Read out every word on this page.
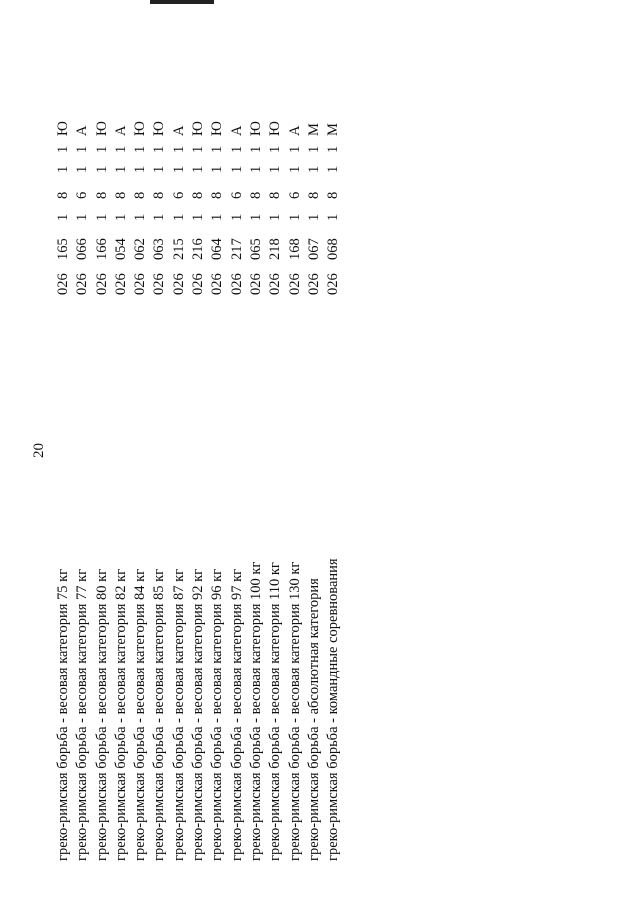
20
греко-римская борьба - весовая категория 75 кг
026
165
1
8
1
1
Ю
греко-римская борьба - весовая категория 77 кг
026
066
1
6
1
1
А
греко-римская борьба - весовая категория 80 кг
026
166
1
8
1
1
Ю
греко-римская борьба - весовая категория 82 кг
026
054
1
8
1
1
А
греко-римская борьба - весовая категория 84 кг
026
062
1
8
1
1
Ю
греко-римская борьба - весовая категория 85 кг
026
063
1
8
1
1
Ю
греко-римская борьба - весовая категория 87 кг
026
215
1
6
1
1
А
греко-римская борьба - весовая категория 92 кг
026
216
1
8
1
1
Ю
греко-римская борьба - весовая категория 96 кг
026
064
1
8
1
1
Ю
греко-римская борьба - весовая категория 97 кг
026
217
1
6
1
1
А
греко-римская борьба - весовая категория 100 кг
026
065
1
8
1
1
Ю
греко-римская борьба - весовая категория 110 кг
026
218
1
8
1
1
Ю
греко-римская борьба - весовая категория 130 кг
026
168
1
6
1
1
А
греко-римская борьба - абсолютная категория
026
067
1
8
1
1
М
греко-римская борьба - командные соревнования
026
068
1
8
1
1
М
